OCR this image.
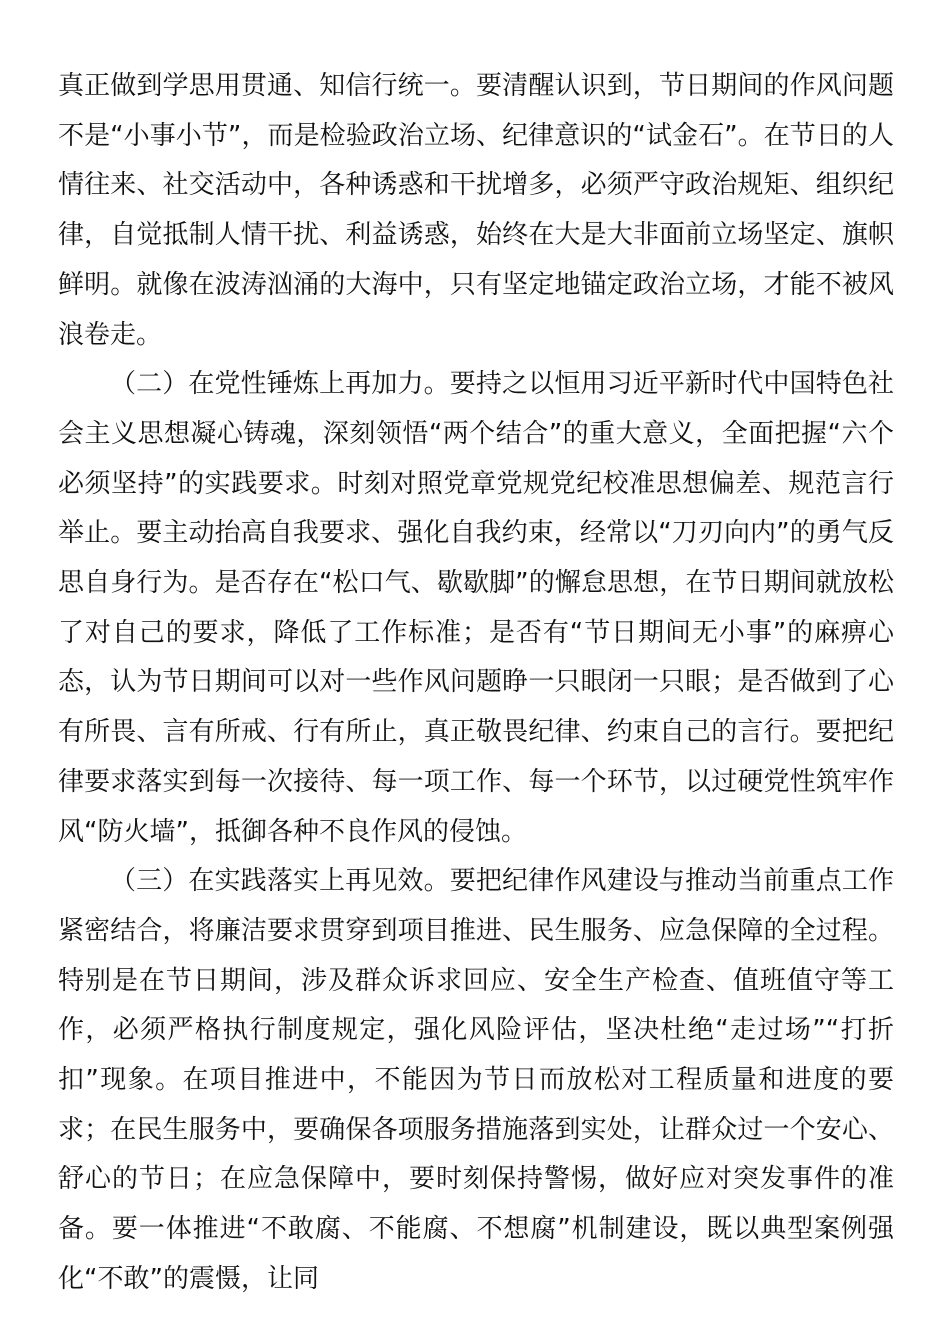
真正做到学思用贯通、知信行统一。要清醒认识到，节日期间的作风问题不是“小事小节”，而是检验政治立场、纪律意识的“试金石”。在节日的人情往来、社交活动中，各种诱惑和干扰增多，必须严守政治规矩、组织纪律，自觉抵制人情干扰、利益诱惑，始终在大是大非面前立场坚定、旗帜鲜明。就像在波涛汹涌的大海中，只有坚定地锚定政治立场，才能不被风浪卷走。

（二）在党性锤炼上再加力。要持之以恒用习近平新时代中国特色社会主义思想凝心铸魂，深刻领悟“两个结合”的重大意义，全面把握“六个必须坚持”的实践要求。时刻对照党章党规党纪校准思想偏差、规范言行举止。要主动抬高自我要求、强化自我约束，经常以“刀刃向内”的勇气反思自身行为。是否存在“松口气、歇歇脚”的懈怠思想，在节日期间就放松了对自己的要求，降低了工作标准；是否有“节日期间无小事”的麻痹心态，认为节日期间可以对一些作风问题睁一只眼闭一只眼；是否做到了心有所畏、言有所戒、行有所止，真正敬畏纪律、约束自己的言行。要把纪律要求落实到每一次接待、每一项工作、每一个环节，以过硬党性筑牢作风“防火墙”，抵御各种不良作风的侵蚀。

（三）在实践落实上再见效。要把纪律作风建设与推动当前重点工作紧密结合，将廉洁要求贯穿到项目推进、民生服务、应急保障的全过程。特别是在节日期间，涉及群众诉求回应、安全生产检查、值班值守等工作，必须严格执行制度规定，强化风险评估，坚决杜绝“走过场”“打折扣”现象。在项目推进中，不能因为节日而放松对工程质量和进度的要求；在民生服务中，要确保各项服务措施落到实处，让群众过一个安心、舒心的节日；在应急保障中，要时刻保持警惕，做好应对突发事件的准备。要一体推进“不敢腐、不能腐、不想腐”机制建设，既以典型案例强化“不敢”的震慑，让同
